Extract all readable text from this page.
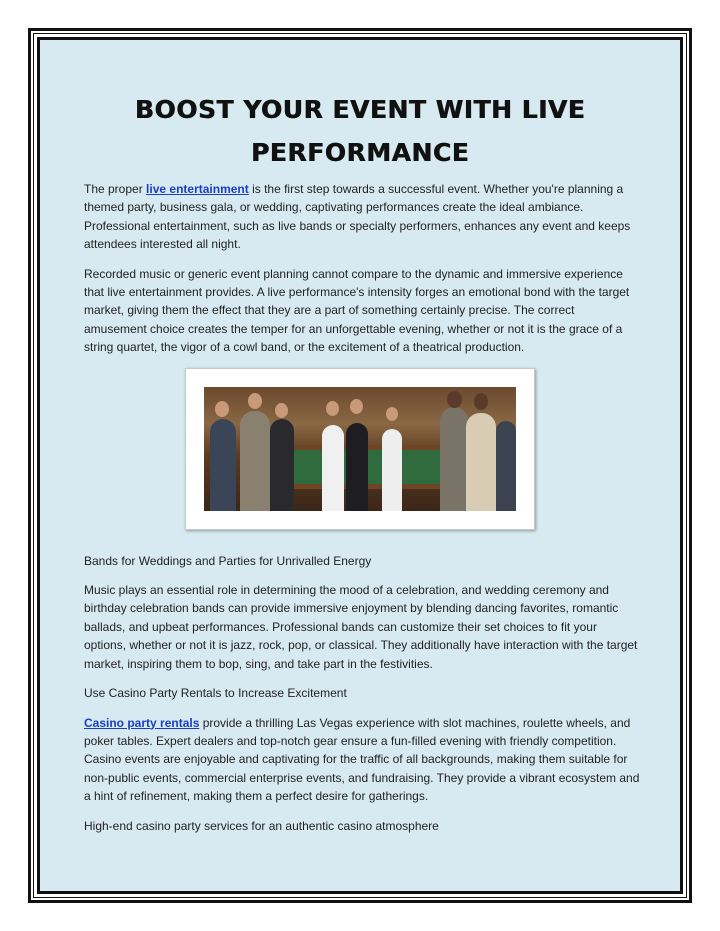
BOOST YOUR EVENT WITH LIVE PERFORMANCE

The proper live entertainment is the first step towards a successful event. Whether you're planning a themed party, business gala, or wedding, captivating performances create the ideal ambiance. Professional entertainment, such as live bands or specialty performers, enhances any event and keeps attendees interested all night.

Recorded music or generic event planning cannot compare to the dynamic and immersive experience that live entertainment provides. A live performance's intensity forges an emotional bond with the target market, giving them the effect that they are a part of something certainly precise. The correct amusement choice creates the temper for an unforgettable evening, whether or not it is the grace of a string quartet, the vigor of a cowl band, or the excitement of a theatrical production.

Bands for Weddings and Parties for Unrivalled Energy

Music plays an essential role in determining the mood of a celebration, and wedding ceremony and birthday celebration bands can provide immersive enjoyment by blending dancing favorites, romantic ballads, and upbeat performances. Professional bands can customize their set choices to fit your options, whether or not it is jazz, rock, pop, or classical. They additionally have interaction with the target market, inspiring them to bop, sing, and take part in the festivities.

Use Casino Party Rentals to Increase Excitement

Casino party rentals provide a thrilling Las Vegas experience with slot machines, roulette wheels, and poker tables. Expert dealers and top-notch gear ensure a fun-filled evening with friendly competition. Casino events are enjoyable and captivating for the traffic of all backgrounds, making them suitable for non-public events, commercial enterprise events, and fundraising. They provide a vibrant ecosystem and a hint of refinement, making them a perfect desire for gatherings.

High-end casino party services for an authentic casino atmosphere
